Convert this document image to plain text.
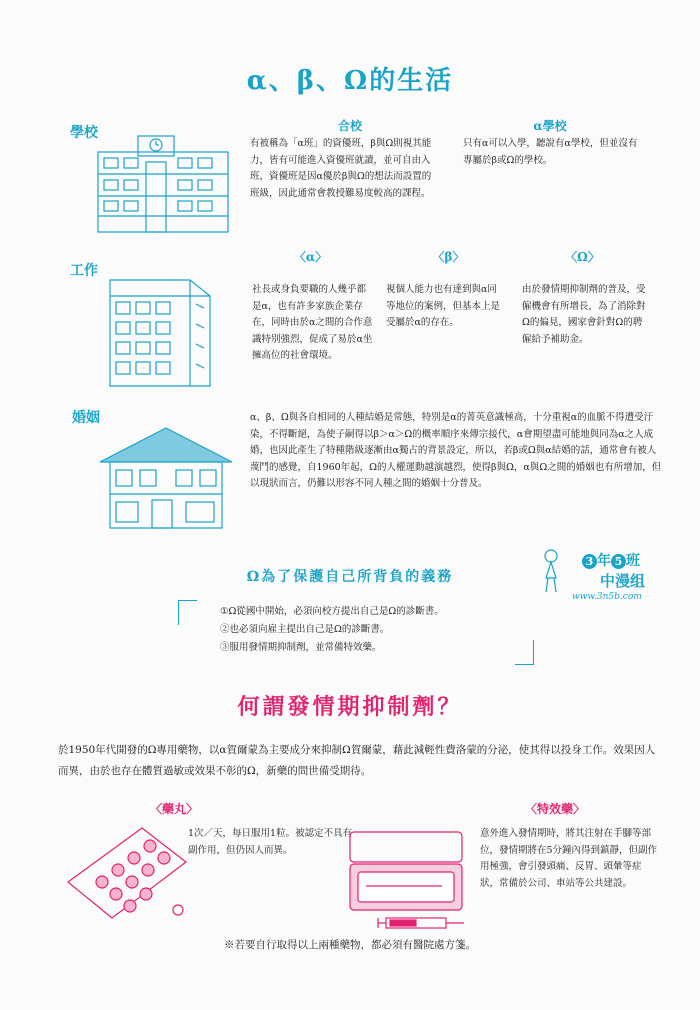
α、β、Ω的生活
學校	合校
有被稱為「α班」的資優班，β與Ω則視其能力，皆有可能進入資優班就讀，並可自由入班，資優班是因α優於β與Ω的想法而設置的班級，因此通常會教授難易度較高的課程。
α學校
只有α可以入學，聽說有α學校，但並沒有專屬於β或Ω的學校。
工作
〈α〉
社長或身負要職的人幾乎都是α，也有許多家族企業存在，同時由於α之間的合作意識特別強烈，促成了易於α坐擁高位的社會環境。
〈β〉
視個人能力也有達到與α同等地位的案例，但基本上是受屬於α的存在。
〈Ω〉
由於發情期抑制劑的普及，受僱機會有所增長，為了消除對Ω的偏見，國家會針對Ω的聘僱給予補助金。
婚姻	α、β、Ω與各自相同的人種結婚是常態，特別是α的菁英意識極高，十分重視α的血脈不得遭受汙染，不得斷絕，為使子嗣得以β＞α＞Ω的概率順序來傳宗接代，α會期望盡可能地與同為α之人成婚，也因此產生了特種階級逐漸由α獨占的背景設定，所以，若β或Ω與α結婚的話，通常會有被人蔑鬥的感覺，自1960年起，Ω的人權運動越演越烈，使得β與Ω，α與Ω之間的婚姻也有所增加，但以現狀而言，仍難以形容不同人種之間的婚姻十分普及。
Ω為了保護自己所背負的義務
①Ω從國中開始，必須向校方提出自己是Ω的診斷書。
②也必須向雇主提出自己是Ω的診斷書。
③服用發情期抑制劑，並常備特效藥。
3 年 5 班
中漫组
www.3n5b.com
何謂發情期抑制劑？
於1950年代開發的Ω專用藥物，以α賀爾蒙為主要成分來抑制Ω賀爾蒙，藉此減輕性費洛蒙的分泌，使其得以投身工作。效果因人而異，由於也存在體質過敏或效果不彰的Ω，新藥的問世備受期待。
〈藥丸〉
1次／天，每日服用1粒。被認定不具有副作用，但仍因人而異。
〈特效藥〉
意外進入發情期時，將其注射在手腳等部位，發情期將在5分鐘內得到鎮靜，但副作用極強，會引發頭痛、反胃、頭暈等症狀，常備於公司、車站等公共建設。
※若要自行取得以上兩種藥物，都必須有醫院處方箋。
